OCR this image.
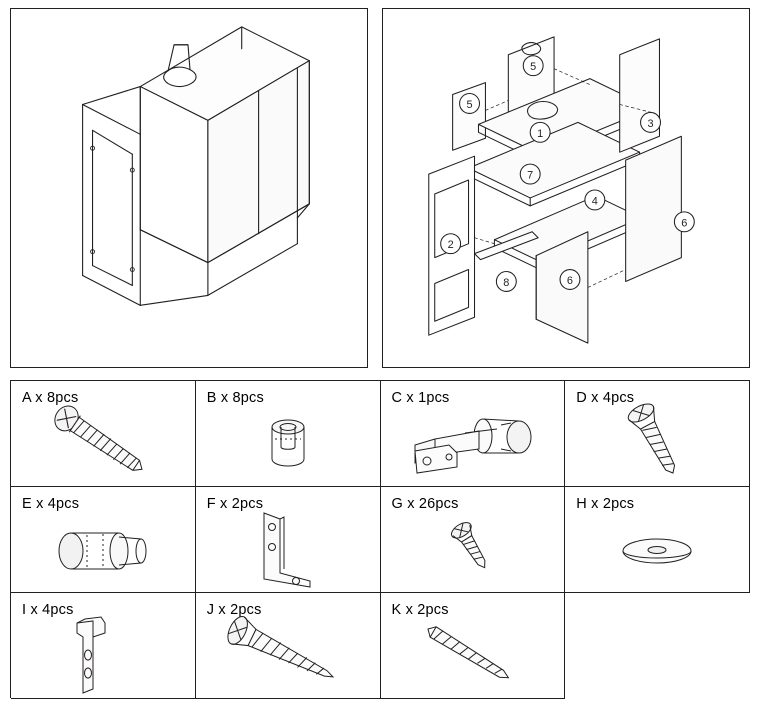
1
2
3
4
5
5
6
6
7
8
A x 8pcs	B x 8pcs	C x 1pcs	D x 4pcs
E x 4pcs	F x 2pcs	G x 26pcs	H x 2pcs
I x 4pcs	J x 2pcs	K x 2pcs
